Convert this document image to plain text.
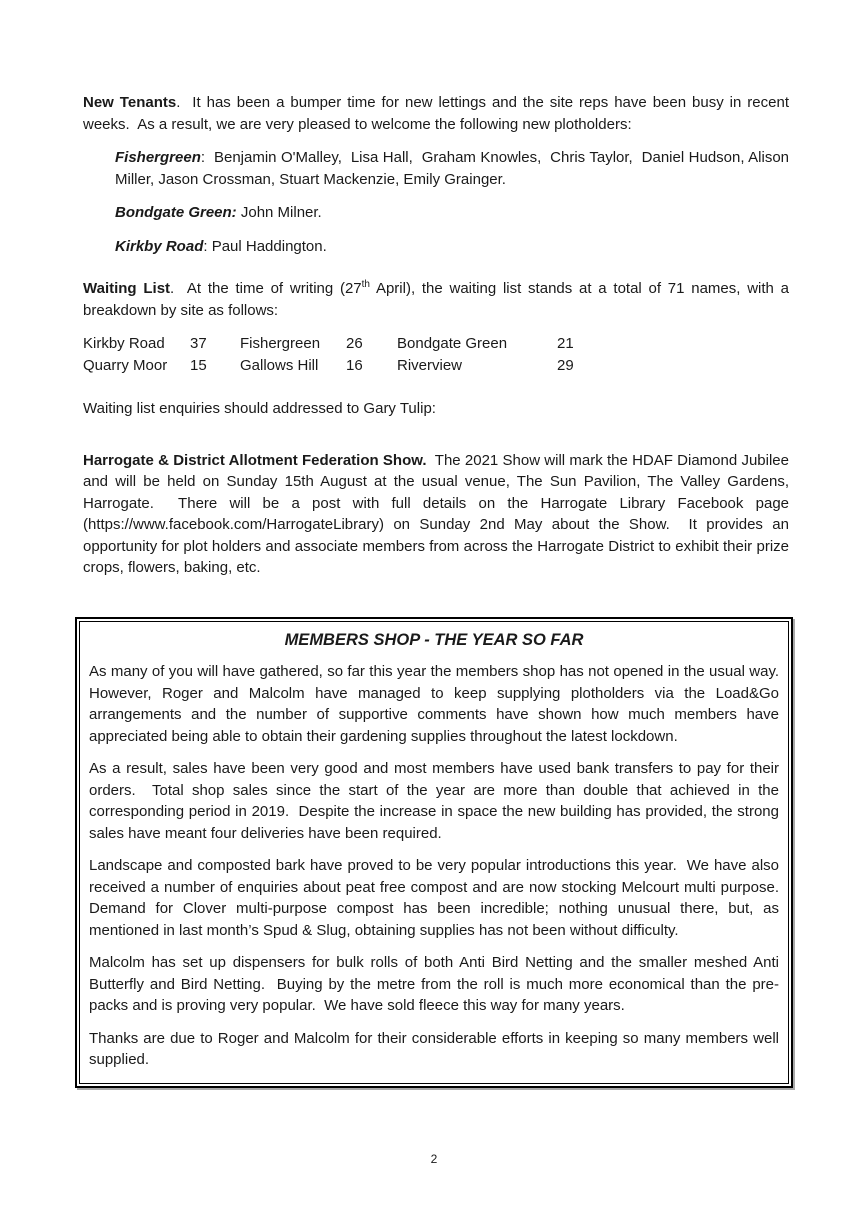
New Tenants.  It has been a bumper time for new lettings and the site reps have been busy in recent weeks.  As a result, we are very pleased to welcome the following new plotholders:

Fishergreen:  Benjamin O'Malley,  Lisa Hall,  Graham Knowles,  Chris Taylor,  Daniel Hudson, Alison Miller, Jason Crossman, Stuart Mackenzie, Emily Grainger.

Bondgate Green: John Milner.

Kirkby Road: Paul Haddington.

Waiting List.  At the time of writing (27th April), the waiting list stands at a total of 71 names, with a breakdown by site as follows:

Kirkby Road	37	Fishergreen	26	Bondgate Green	21
Quarry Moor	15	Gallows Hill	16	Riverview	29

Waiting list enquiries should addressed to Gary Tulip:

Harrogate & District Allotment Federation Show.  The 2021 Show will mark the HDAF Diamond Jubilee and will be held on Sunday 15th August at the usual venue, The Sun Pavilion, The Valley Gardens, Harrogate.  There will be a post with full details on the Harrogate Library Facebook page (https://www.facebook.com/HarrogateLibrary) on Sunday 2nd May about the Show.  It provides an opportunity for plot holders and associate members from across the Harrogate District to exhibit their prize crops, flowers, baking, etc.

MEMBERS SHOP - THE YEAR SO FAR

As many of you will have gathered, so far this year the members shop has not opened in the usual way.  However, Roger and Malcolm have managed to keep supplying plotholders via the Load&Go arrangements and the number of supportive comments have shown how much members have appreciated being able to obtain their gardening supplies throughout the latest lockdown.

As a result, sales have been very good and most members have used bank transfers to pay for their orders.  Total shop sales since the start of the year are more than double that achieved in the corresponding period in 2019.  Despite the increase in space the new building has provided, the strong sales have meant four deliveries have been required.

Landscape and composted bark have proved to be very popular introductions this year.  We have also received a number of enquiries about peat free compost and are now stocking Melcourt multi purpose.  Demand for Clover multi-purpose compost has been incredible; nothing unusual there, but, as mentioned in last month’s Spud & Slug, obtaining supplies has not been without difficulty.

Malcolm has set up dispensers for bulk rolls of both Anti Bird Netting and the smaller meshed Anti Butterfly and Bird Netting.  Buying by the metre from the roll is much more economical than the pre-packs and is proving very popular.  We have sold fleece this way for many years.

Thanks are due to Roger and Malcolm for their considerable efforts in keeping so many members well supplied.

2
